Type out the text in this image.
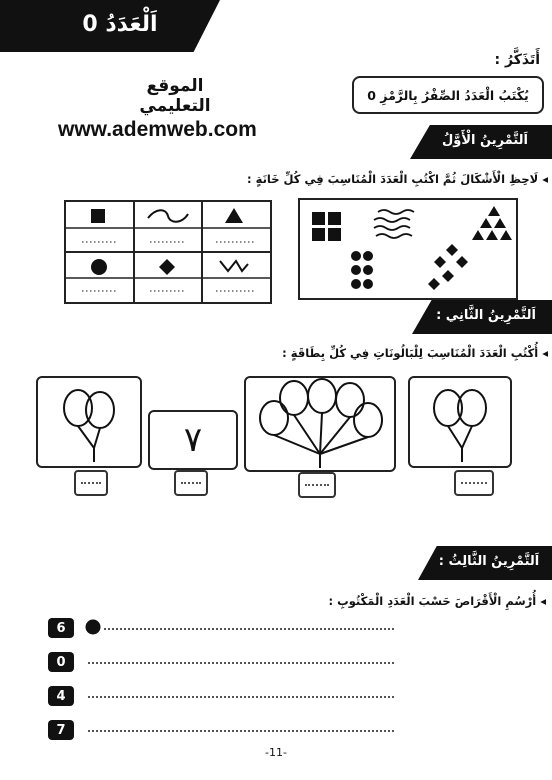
اَلْعَدَدُ 0
الموقع التعليمي
www.ademweb.com
أَتَذَكَّرُ :
يُكْتَبُ الْعَدَدُ الصِّفْرُ بِالرَّمْزِ 0
اَلتَّمْرِينُ الْأَوَّلُ
◂ لَاحِظِ الْأَشْكَالَ ثُمَّ اكْتُبِ الْعَدَدَ الْمُنَاسِبَ فِي كُلِّ خَانَةٍ :
اَلتَّمْرِينُ الثَّانِي :
◂ أُكْتُبِ الْعَدَدَ الْمُنَاسِبَ لِلْبَالُونَاتِ فِي كُلِّ بِطَاقَةٍ :
٧
اَلتَّمْرِينُ الثَّالِثُ :
◂ أُرْسُمِ الْأَقْرَاصَ حَسْبَ الْعَدَدِ الْمَكْتُوبِ :
6
0
4
7
-11-
